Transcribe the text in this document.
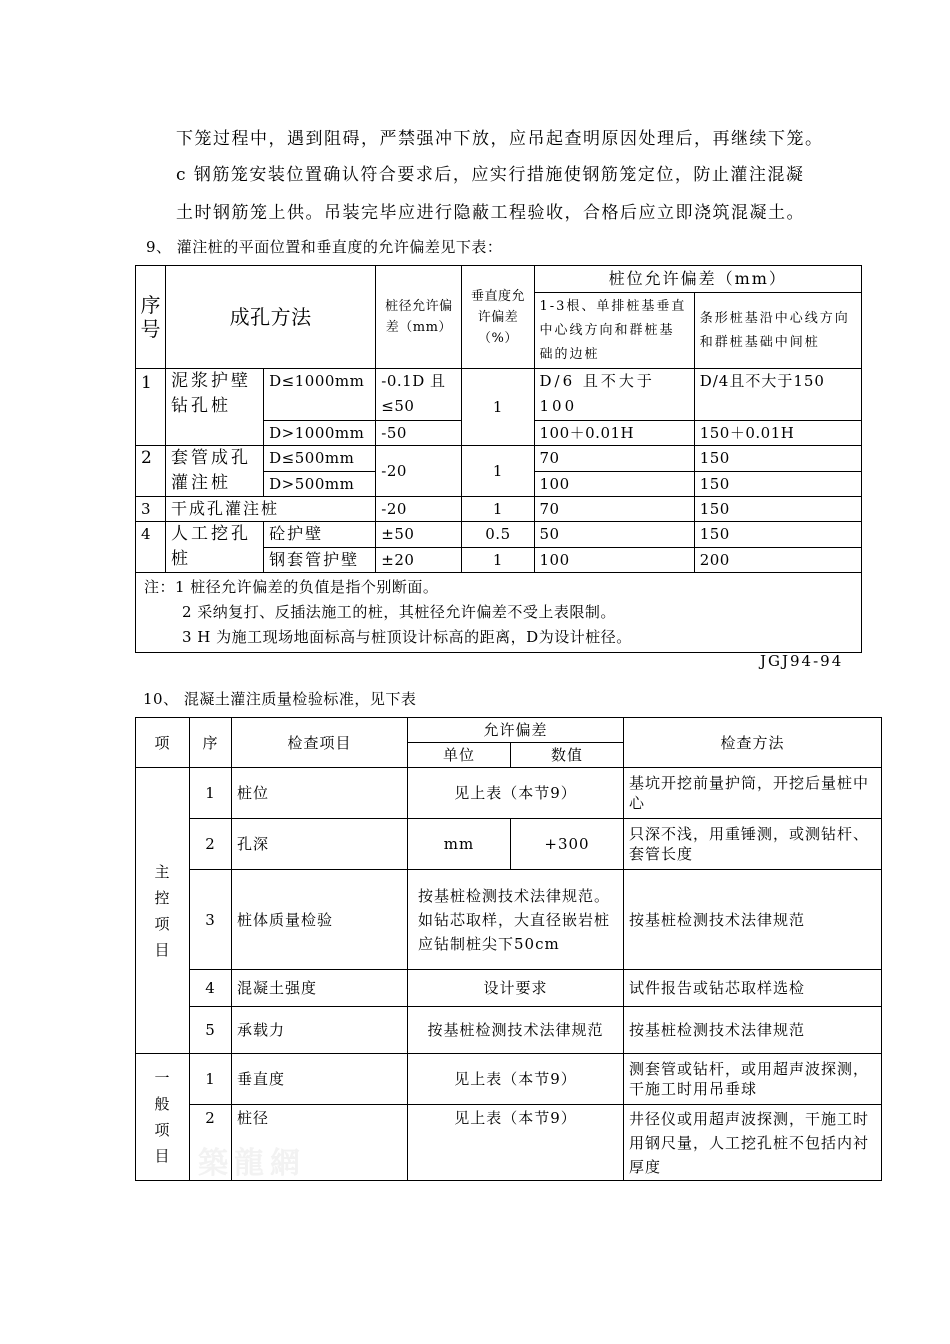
下笼过程中，遇到阻碍，严禁强冲下放，应吊起查明原因处理后，再继续下笼。
c 钢筋笼安装位置确认符合要求后，应实行措施使钢筋笼定位，防止灌注混凝
土时钢筋笼上供。吊装完毕应进行隐蔽工程验收，合格后应立即浇筑混凝土。
9、 灌注桩的平面位置和垂直度的允许偏差见下表：
序号	成孔方法		桩径允许偏差（mm）	垂直度允许偏差（%）	桩位允许偏差（mm）	
					1-3根、单排桩基垂直中心线方向和群桩基础的边桩	条形桩基沿中心线方向和群桩基础中间桩
1	泥浆护壁钻孔桩	D≤1000mm	-0.1D 且≤50	1	D/6 且不大于100	D/4且不大于150
		D>1000mm	-50		100＋0.01H	150＋0.01H
2	套管成孔灌注桩	D≤500mm	-20	1	70	150
		D>500mm			100	150
3	干成孔灌注桩		-20	1	70	150
4	人工挖孔桩	砼护壁	±50	0.5	50	150
		钢套管护壁	±20	1	100	200

注：1 桩径允许偏差的负值是指个别断面。
2 采纳复打、反插法施工的桩，其桩径允许偏差不受上表限制。
3 H 为施工现场地面标高与桩顶设计标高的距离，D为设计桩径。						
JGJ94-94
10、 混凝土灌注质量检验标准，见下表
项	序	检查项目	允许偏差		检查方法
			单位	数值	
主控项目	1	桩位	见上表（本节9）		基坑开挖前量护筒，开挖后量桩中心
	2	孔深	mm	+300	只深不浅，用重锤测，或测钻杆、套管长度
	3	桩体质量检验	按基桩检测技术法律规范。如钻芯取样，大直径嵌岩桩应钻制桩尖下50cm		按基桩检测技术法律规范
	4	混凝土强度	设计要求		试件报告或钻芯取样选检
	5	承载力	按基桩检测技术法律规范		按基桩检测技术法律规范
一般项目	1	垂直度	见上表（本节9）		测套管或钻杆，或用超声波探测，干施工时用吊垂球
	2	桩径	见上表（本节9）		井径仪或用超声波探测，干施工时用钢尺量，人工挖孔桩不包括内衬厚度
築龍網
